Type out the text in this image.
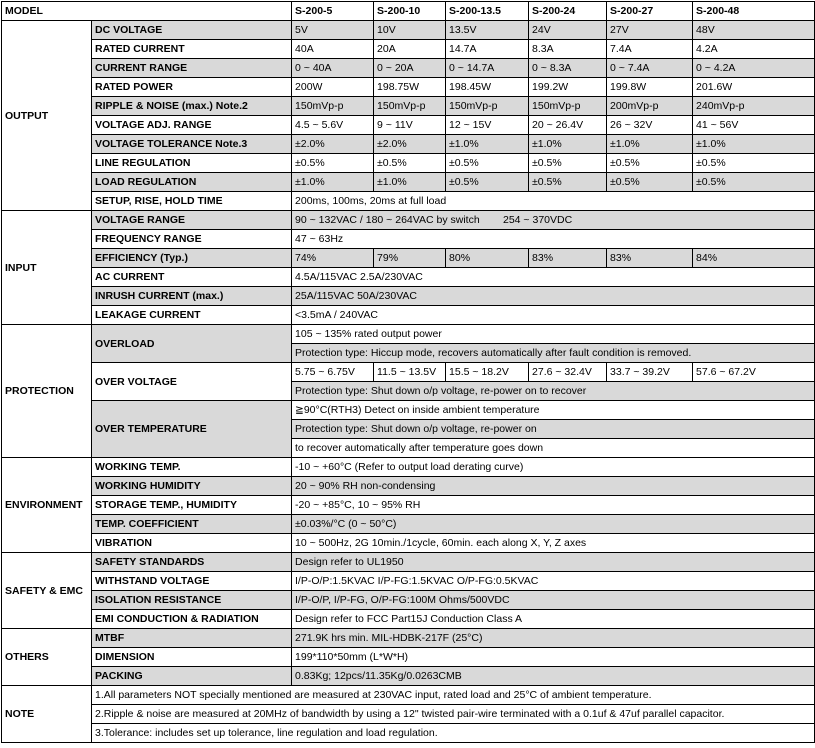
MODEL		S-200-5	S-200-10	S-200-13.5	S-200-24	S-200-27	S-200-48
OUTPUT	DC VOLTAGE	5V	10V	13.5V	24V	27V	48V
	RATED CURRENT	40A	20A	14.7A	8.3A	7.4A	4.2A
	CURRENT RANGE	0 ~ 40A	0 ~ 20A	0 ~ 14.7A	0 ~ 8.3A	0 ~ 7.4A	0 ~ 4.2A
	RATED POWER	200W	198.75W	198.45W	199.2W	199.8W	201.6W
	RIPPLE & NOISE (max.) Note.2	150mVp-p	150mVp-p	150mVp-p	150mVp-p	200mVp-p	240mVp-p
	VOLTAGE ADJ. RANGE	4.5 ~ 5.6V	9 ~ 11V	12 ~ 15V	20 ~ 26.4V	26 ~ 32V	41 ~ 56V
	VOLTAGE TOLERANCE Note.3	±2.0%	±2.0%	±1.0%	±1.0%	±1.0%	±1.0%
	LINE REGULATION	±0.5%	±0.5%	±0.5%	±0.5%	±0.5%	±0.5%
	LOAD REGULATION	±1.0%	±1.0%	±0.5%	±0.5%	±0.5%	±0.5%
	SETUP, RISE, HOLD TIME	200ms, 100ms, 20ms at full load					
INPUT	VOLTAGE RANGE	90 ~ 132VAC / 180 ~ 264VAC by switch        254 ~ 370VDC					
	FREQUENCY RANGE	47 ~ 63Hz					
	EFFICIENCY (Typ.)	74%	79%	80%	83%	83%	84%
	AC CURRENT	4.5A/115VAC 2.5A/230VAC					
	INRUSH CURRENT (max.)	25A/115VAC 50A/230VAC					
	LEAKAGE CURRENT	<3.5mA / 240VAC					
PROTECTION	OVERLOAD	105 ~ 135% rated output power					
		Protection type: Hiccup mode, recovers automatically after fault condition is removed.					
	OVER VOLTAGE	5.75 ~ 6.75V	11.5 ~ 13.5V	15.5 ~ 18.2V	27.6 ~ 32.4V	33.7 ~ 39.2V	57.6 ~ 67.2V
		Protection type: Shut down o/p voltage, re-power on to recover					
	OVER TEMPERATURE	≧90°C(RTH3) Detect on inside ambient temperature					
		Protection type: Shut down o/p voltage, re-power on					
		to recover automatically after temperature goes down					
ENVIRONMENT	WORKING TEMP.	-10 ~ +60°C (Refer to output load derating curve)					
	WORKING HUMIDITY	20 ~ 90% RH non-condensing					
	STORAGE TEMP., HUMIDITY	-20 ~ +85°C, 10 ~ 95% RH					
	TEMP. COEFFICIENT	±0.03%/°C (0 ~ 50°C)					
	VIBRATION	10 ~ 500Hz, 2G 10min./1cycle, 60min. each along X, Y, Z axes					
SAFETY & EMC	SAFETY STANDARDS	Design refer to UL1950					
	WITHSTAND VOLTAGE	I/P-O/P:1.5KVAC I/P-FG:1.5KVAC O/P-FG:0.5KVAC					
	ISOLATION RESISTANCE	I/P-O/P, I/P-FG, O/P-FG:100M Ohms/500VDC					
	EMI CONDUCTION & RADIATION	Design refer to FCC Part15J Conduction Class A					
OTHERS	MTBF	271.9K hrs min. MIL-HDBK-217F (25°C)					
	DIMENSION	199*110*50mm (L*W*H)					
	PACKING	0.83Kg; 12pcs/11.35Kg/0.0263CMB					
NOTE	1.All parameters NOT specially mentioned are measured at 230VAC input, rated load and 25°C of ambient temperature.						
	2.Ripple & noise are measured at 20MHz of bandwidth by using a 12" twisted pair-wire terminated with a 0.1uf & 47uf parallel capacitor.						
	3.Tolerance: includes set up tolerance, line regulation and load regulation.						
